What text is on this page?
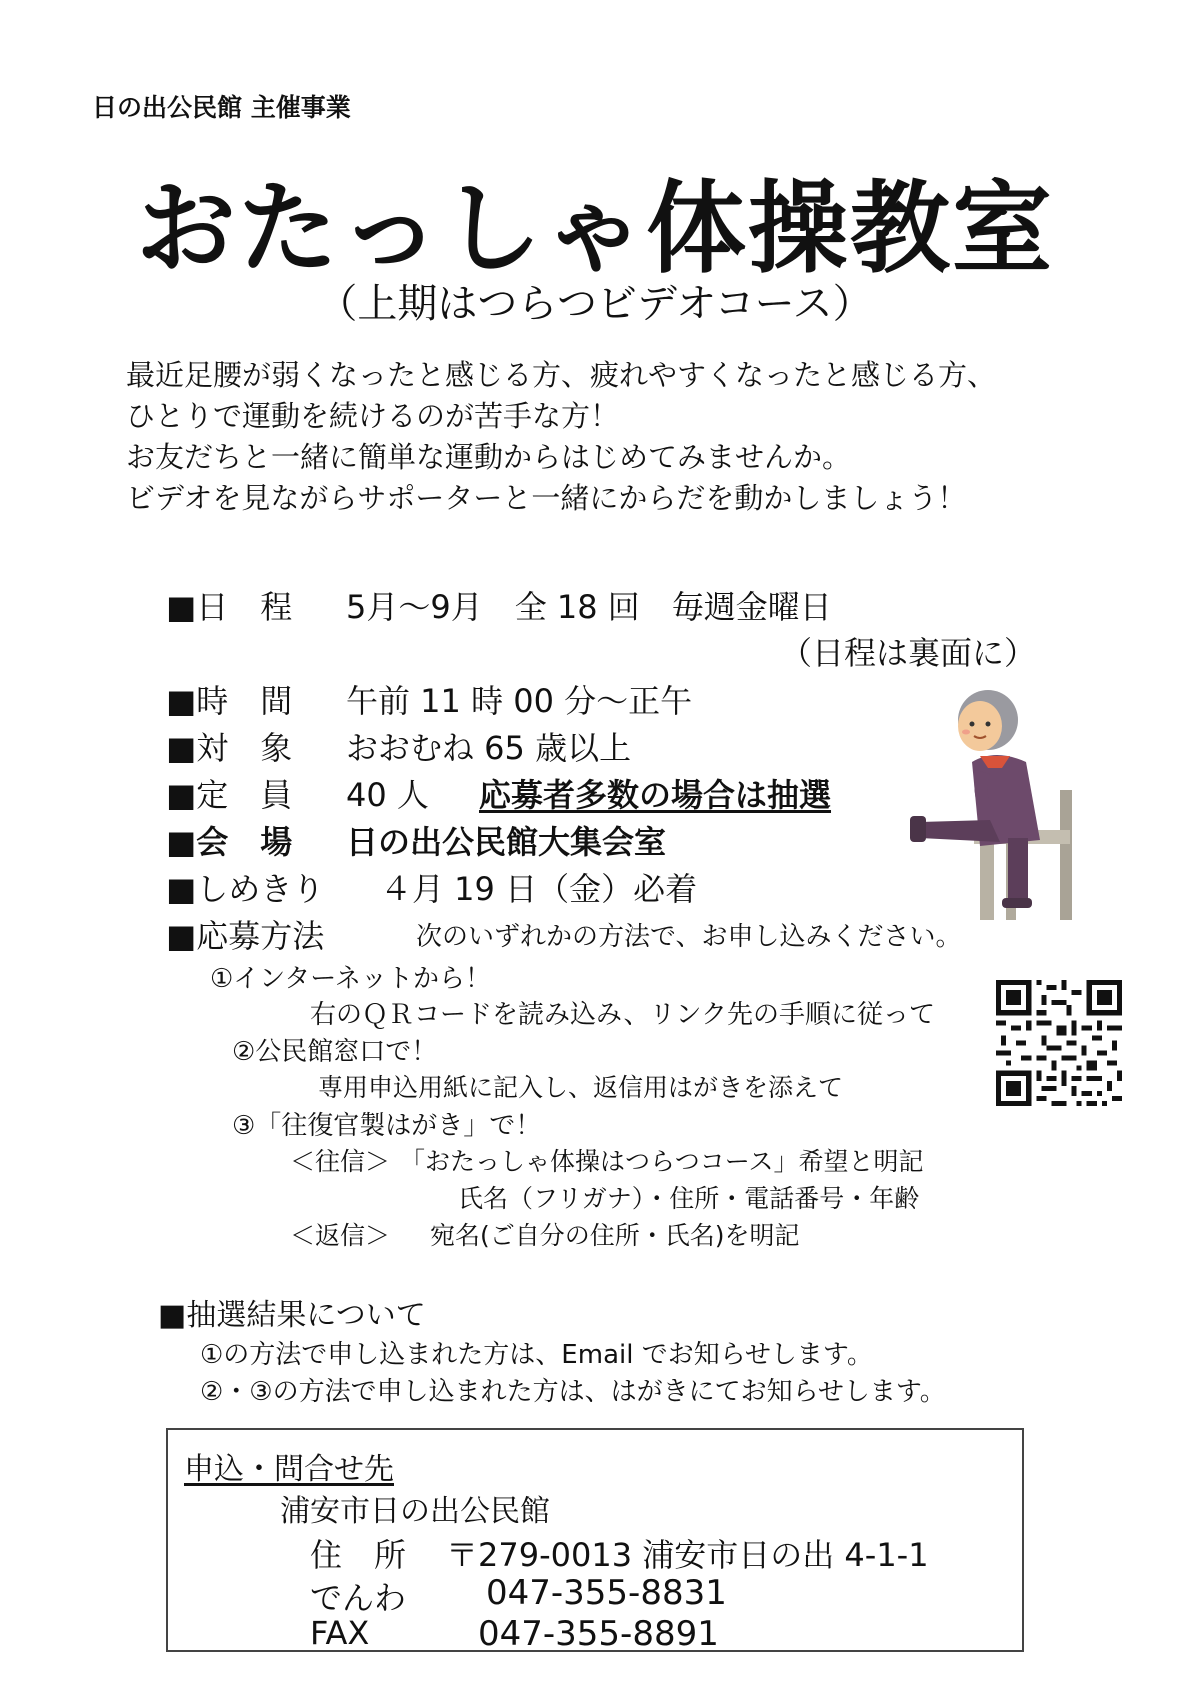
日の出公民館 主催事業
おたっしゃ体操教室
（上期はつらつビデオコース）
最近足腰が弱くなったと感じる方、疲れやすくなったと感じる方、
ひとりで運動を続けるのが苦手な方！
お友だちと一緒に簡単な運動からはじめてみませんか。
ビデオを見ながらサポーターと一緒にからだを動かしましょう！
■日　程 5月～9月　全 18 回　毎週金曜日
（日程は裏面に）
■時　間 午前 11 時 00 分～正午
■対　象 おおむね 65 歳以上
■定　員 40 人 応募者多数の場合は抽選
■会　場 日の出公民館大集会室
■しめきり ４月 19 日（金）必着
■応募方法	次のいずれかの方法で、お申し込みください。
①インターネットから！
右のＱＲコードを読み込み、リンク先の手順に従って
②公民館窓口で！
専用申込用紙に記入し、返信用はがきを添えて
③「往復官製はがき」で！
＜往信＞ 「おたっしゃ体操はつらつコース」希望と明記
氏名（フリガナ）・住所・電話番号・年齢
＜返信＞ 宛名(ご自分の住所・氏名)を明記
■抽選結果について
①の方法で申し込まれた方は、Email でお知らせします。
②・③の方法で申し込まれた方は、はがきにてお知らせします。
申込・問合せ先
浦安市日の出公民館
住　所 〒279-0013 浦安市日の出 4-1-1
でんわ 047-355-8831
FAX	047-355-8891
